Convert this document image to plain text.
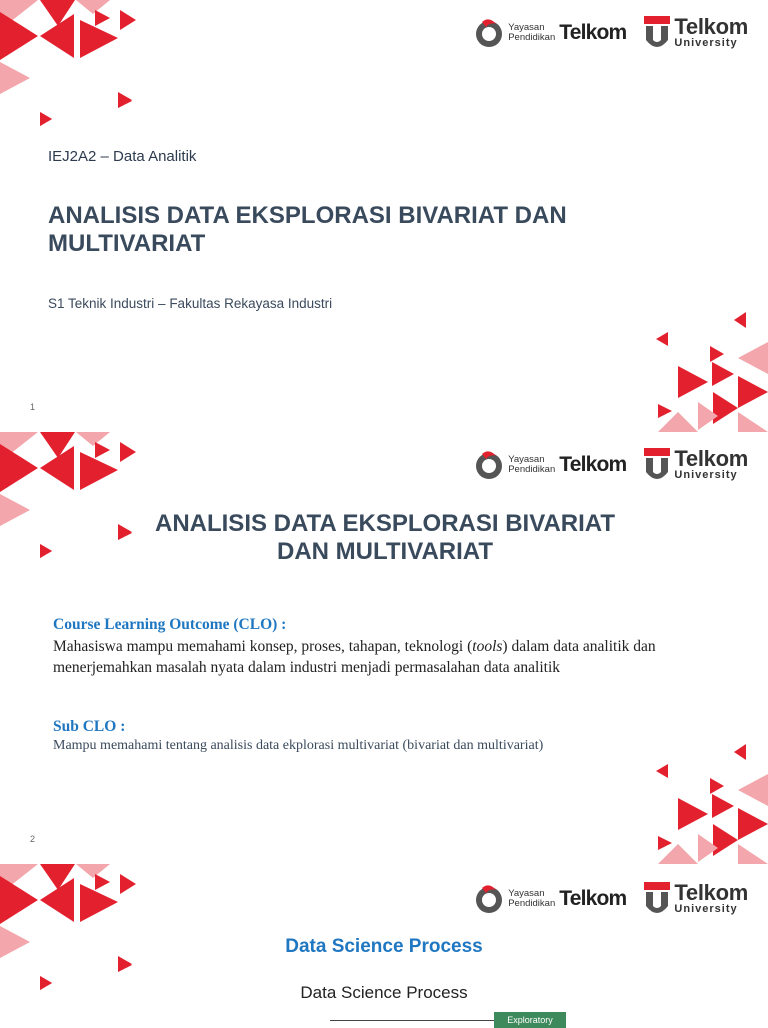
Yayasan
Pendidikan Telkom Telkom
University
IEJ2A2 – Data Analitik
ANALISIS DATA EKSPLORASI BIVARIAT DAN
MULTIVARIAT
S1 Teknik Industri – Fakultas Rekayasa Industri
1
Yayasan
Pendidikan Telkom Telkom
University
2
ANALISIS DATA EKSPLORASI BIVARIAT
DAN MULTIVARIAT
Course Learning Outcome (CLO) :
Mahasiswa mampu memahami konsep, proses, tahapan, teknologi (tools) dalam data analitik dan menerjemahkan masalah nyata dalam industri menjadi permasalahan data analitik
Sub CLO :
Mampu memahami tentang analisis data ekplorasi multivariat (bivariat dan multivariat)
Yayasan
Pendidikan Telkom Telkom
University
Data Science Process
Data Science Process
Exploratory
